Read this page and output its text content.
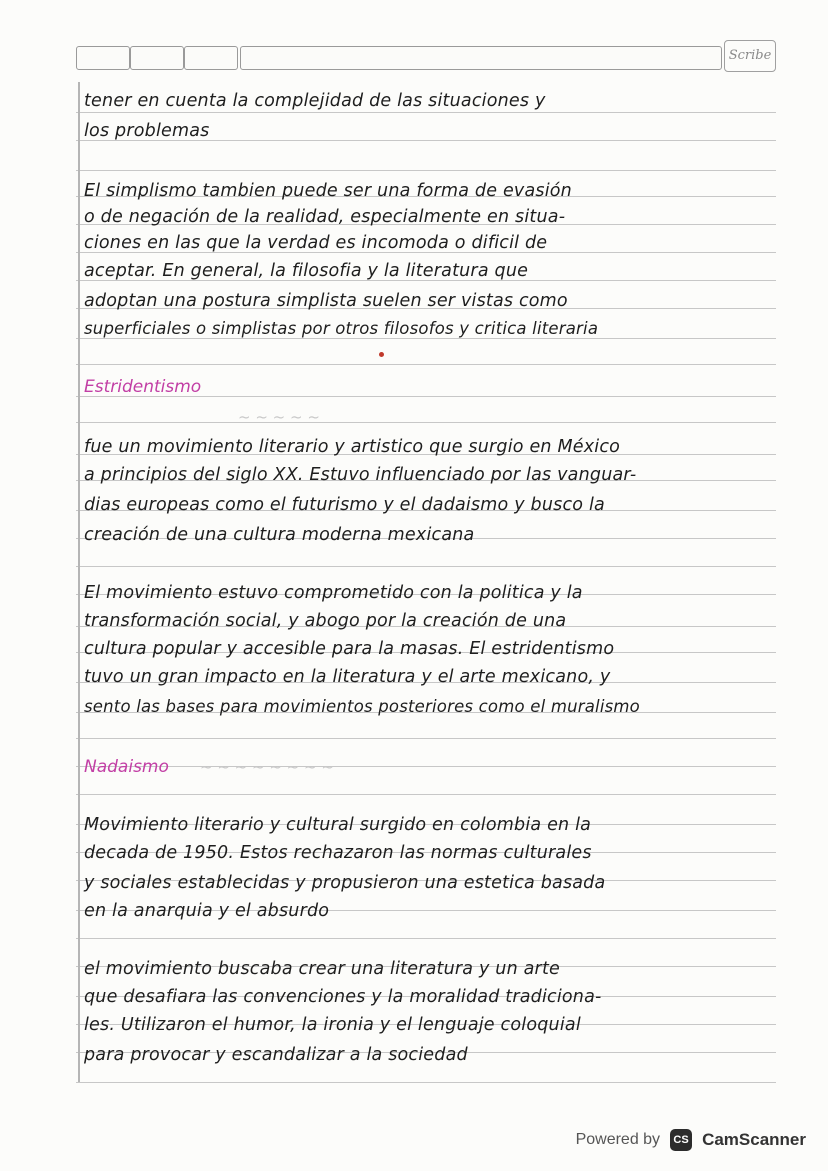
Scribe
tener en cuenta la complejidad de las situaciones y
los problemas
El simplismo tambien puede ser una forma de evasión
o de negación de la realidad, especialmente en situa-
ciones en las que la verdad es incomoda o dificil de
aceptar. En general, la filosofia y la literatura que
adoptan una postura simplista suelen ser vistas como
superficiales o simplistas por otros filosofos y critica literaria
Estridentismo
~ ~ ~ ~ ~
fue un movimiento literario y artistico que surgio en México
a principios del siglo XX. Estuvo influenciado por las vanguar-
dias europeas como el futurismo y el dadaismo y busco la
creación de una cultura moderna mexicana
El movimiento estuvo comprometido con la politica y la
transformación social, y abogo por la creación de una
cultura popular y accesible para la masas. El estridentismo
tuvo un gran impacto en la literatura y el arte mexicano, y
sento las bases para movimientos posteriores como el muralismo
Nadaismo ~ ~ ~ ~ ~ ~ ~ ~
Movimiento literario y cultural surgido en colombia en la
decada de 1950. Estos rechazaron las normas culturales
y sociales establecidas y propusieron una estetica basada
en la anarquia y el absurdo
el movimiento buscaba crear una literatura y un arte
que desafiara las convenciones y la moralidad tradiciona-
les. Utilizaron el humor, la ironia y el lenguaje coloquial
para provocar y escandalizar a la sociedad
Powered by	CS CamScanner
